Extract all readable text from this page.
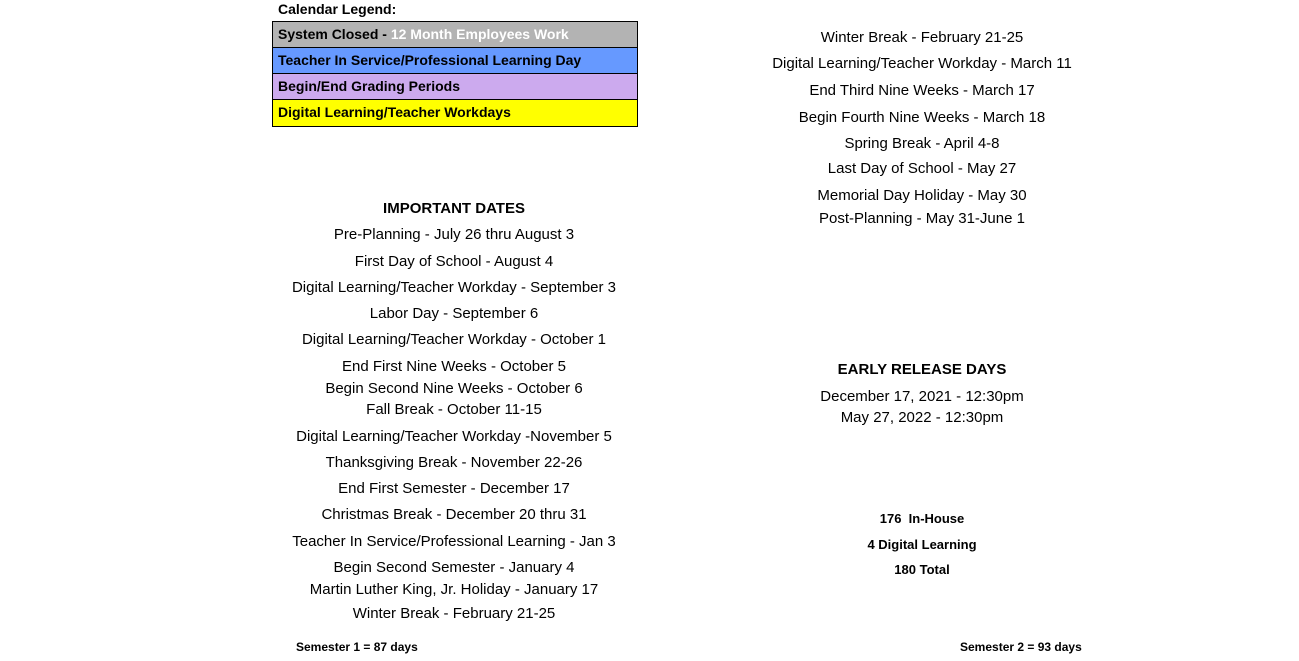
Calendar Legend:
System Closed - 12 Month Employees Work
Teacher In Service/Professional Learning Day
Begin/End Grading Periods
Digital Learning/Teacher Workdays
IMPORTANT DATES
Pre-Planning - July 26 thru August 3
First Day of School - August 4
Digital Learning/Teacher Workday - September 3
Labor Day - September 6
Digital Learning/Teacher Workday - October 1
End First Nine Weeks - October 5
Begin Second Nine Weeks - October 6
Fall Break - October 11-15
Digital Learning/Teacher Workday -November 5
Thanksgiving Break - November 22-26
End First Semester - December 17
Christmas Break - December 20 thru 31
Teacher In Service/Professional Learning - Jan 3
Begin Second Semester - January 4
Martin Luther King, Jr. Holiday - January 17
Winter Break - February 21-25
Winter Break - February 21-25
Digital Learning/Teacher Workday - March 11
End Third Nine Weeks - March 17
Begin Fourth Nine Weeks - March 18
Spring Break - April 4-8
Last Day of School - May 27
Memorial Day Holiday - May 30
Post-Planning - May 31-June 1
EARLY RELEASE DAYS
December 17, 2021 - 12:30pm
May 27, 2022 - 12:30pm
176  In-House
4 Digital Learning
180 Total
Semester 1 = 87 days	Semester 2 = 93 days
